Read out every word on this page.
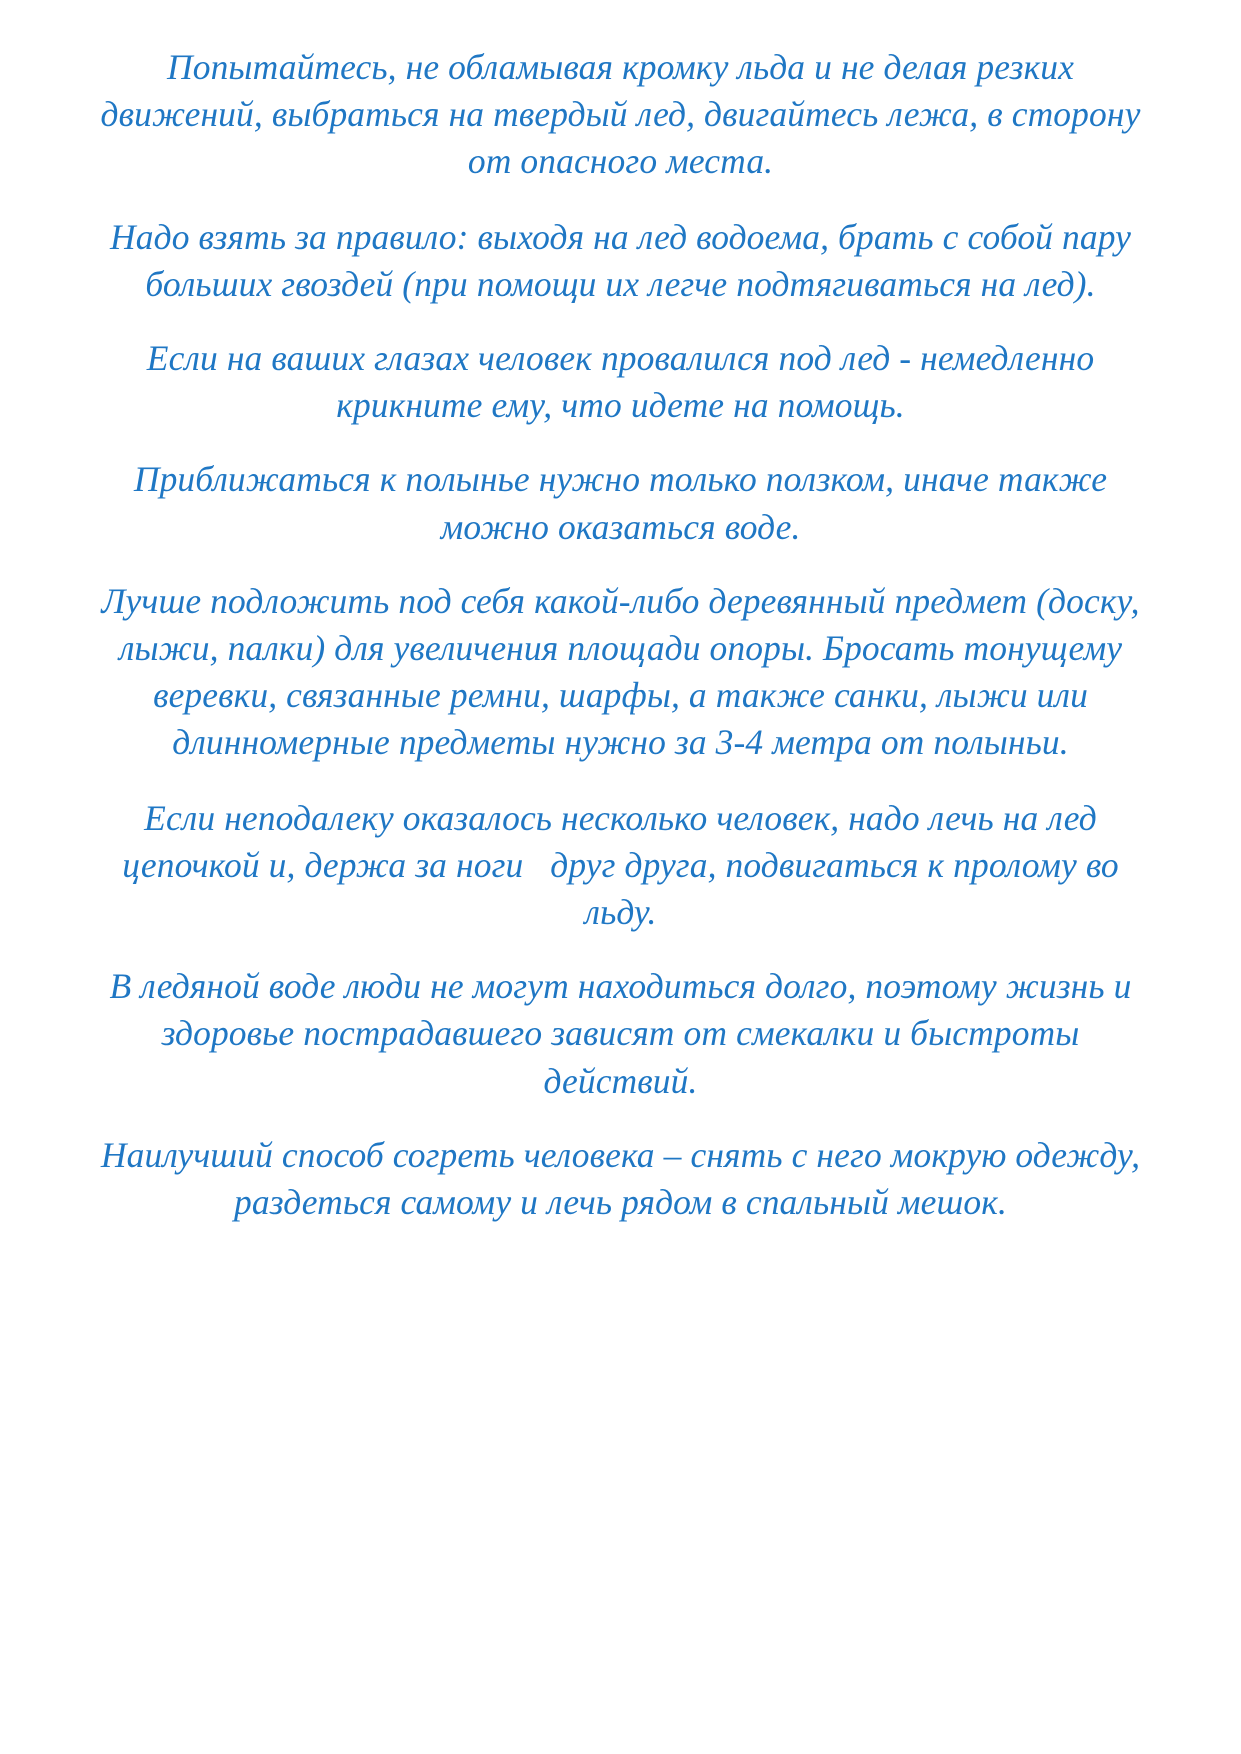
Попытайтесь, не обламывая кромку льда и не делая резких движений, выбраться на твердый лед, двигайтесь лежа, в сторону от опасного места.

Надо взять за правило: выходя на лед водоема, брать с собой пару больших гвоздей (при помощи их легче подтягиваться на лед).

Если на ваших глазах человек провалился под лед - немедленно крикните ему, что идете на помощь.

Приближаться к полынье нужно только ползком, иначе также можно оказаться воде.

Лучше подложить под себя какой-либо деревянный предмет (доску, лыжи, палки) для увеличения площади опоры. Бросать тонущему веревки, связанные ремни, шарфы, а также санки, лыжи или длинномерные предметы нужно за 3-4 метра от полыньи.

Если неподалеку оказалось несколько человек, надо лечь на лед цепочкой и, держа за ноги   друг друга, подвигаться к пролому во льду.

В ледяной воде люди не могут находиться долго, поэтому жизнь и здоровье пострадавшего зависят от смекалки и быстроты действий.

Наилучший способ согреть человека – снять с него мокрую одежду, раздеться самому и лечь рядом в спальный мешок.
